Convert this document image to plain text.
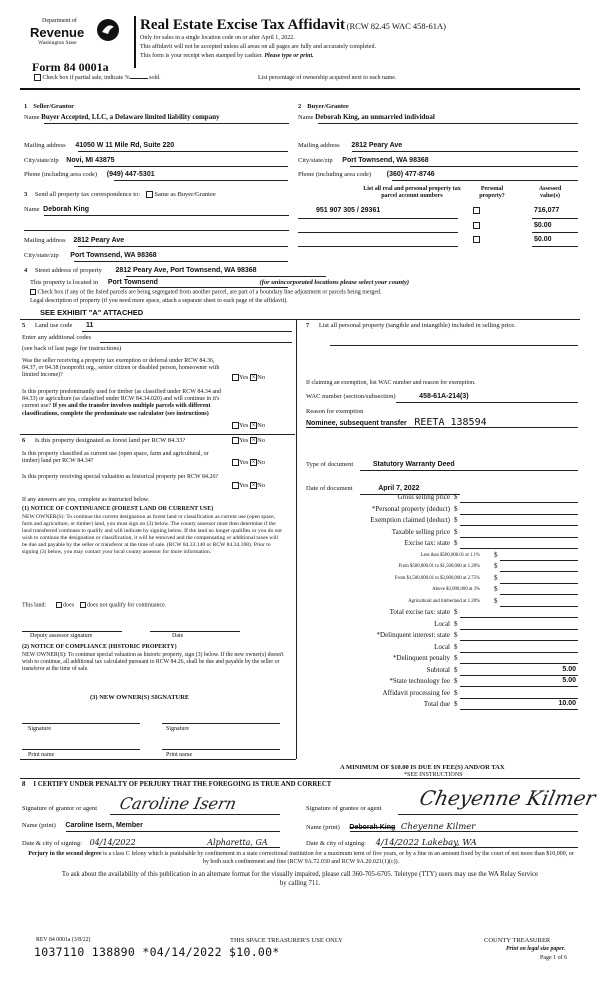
Department of
Revenue
Washington State
Form 84 0001a
Check box if partial sale, indicate %	sold.	List percentage of ownership acquired next to each name.
Real Estate Excise Tax Affidavit (RCW 82.45 WAC 458-61A)
Only for sales in a single location code on or after April 1, 2022.
This affidavit will not be accepted unless all areas on all pages are fully and accurately completed.
This form is your receipt when stamped by cashier. Please type or print.
1 Seller/Grantor
Name Buyer Accepted, LLC, a Delaware limited liability company
Mailing address 41050 W 11 Mile Rd, Suite 220
City/state/zip Novi, MI 43875
Phone (including area code) (949) 447-5301
2 Buyer/Grantee
Name Deborah King, an unmarried individual
Mailing address 2812 Peary Ave
City/state/zip Port Townsend, WA 98368
Phone (including area code) (360) 477-8746
3 Send all property tax correspondence to: Same as Buyer/Grantee
Name Deborah King
Mailing address 2812 Peary Ave
City/state/zip Port Townsend, WA 98368
List all real and personal property tax
parcel account numbers
Personal
property?
Assessed
value(s)
951 907 305 / 29361	716,077
$0.00
$0.00
4 Street address of property 2812 Peary Ave, Port Townsend, WA 98368
This property is located in Port Townsend	(for unincorporated locations please select your county)
Check box if any of the listed parcels are being segregated from another parcel, are part of a boundary line adjustment or parcels being merged.
Legal description of property (if you need more space, attach a separate sheet to each page of the affidavit).
SEE EXHIBIT "A" ATTACHED
5 Land use code 11
Enter any additional codes
(see back of last page for instructions)
Was the seller receiving a property tax exemption or deferral under RCW 84.36, 84.37, or 84.38 (nonprofit org., senior citizen or disabled person, homeowner with limited income)?	Yes × No
Is this property predominantly used for timber (as classified under RCW 84.34 and 84.33) or agriculture (as classified under RCW 84.34.020) and will continue in it's current use? If yes and the transfer involves multiple parcels with different classifications, complete the predominate use calculator (see instructions)
Yes × No
6 Is this property designated as forest land per RCW 84.33?	Yes × No
Is this property classified as current use (open space, farm and agricultural, or timber) land per RCW 84.34?	Yes × No
Is this property receiving special valuation as historical property per RCW 84.26?
Yes × No
If any answers are yes, complete as instructed below.
(1) NOTICE OF CONTINUANCE (FOREST LAND OR CURRENT USE)
NEW OWNER(S): To continue the current designation as forest land or classification as current use (open space, farm and agriculture, or timber) land, you must sign on (3) below. The county assessor must then determine if the land transferred continues to qualify and will indicate by signing below. If the land no longer qualifies or you do not wish to continue the designation or classification, it will be removed and the compensating or additional taxes will be due and payable by the seller or transferor at the time of sale. (RCW 84.33.140 or RCW 84.34.108). Prior to signing (3) below, you may contact your local county assessor for more information.
This land:	does does not qualify for continuance.
Deputy assessor signature	Date
(2) NOTICE OF COMPLIANCE (HISTORIC PROPERTY)
NEW OWNER(S): To continue special valuation as historic property, sign (3) below. If the new owner(s) doesn't wish to continue, all additional tax calculated pursuant to RCW 84.26, shall be due and payable by the seller or transferor at the time of sale.
(3) NEW OWNER(S) SIGNATURE
Signature	Signature
Print name	Print name
7 List all personal property (tangible and intangible) included in selling price.
If claiming an exemption, list WAC number and reason for exemption.
WAC number (section/subsection)	458-61A-214(3)
Reason for exemption
Nominee, subsequent transfer REETA 138594
Type of document	Statutory Warranty Deed
Date of document	April 7, 2022
Gross selling price $
*Personal property (deduct) $
Exemption claimed (deduct) $
Taxable selling price $
Excise tax: state $
Less than $500,000.01 at 1.1% $
From $500,000.01 to $1,500,000 at 1.28% $
From $1,500,000.01 to $3,000,000 at 2.75% $
Above $3,000,000 at 3% $
Agricultural and timberland at 1.28% $
Total excise tax: state $
Local $
*Delinquent interest: state $
Local $
*Delinquent penalty $
Subtotal $	5.00
*State technology fee $	5.00
Affidavit processing fee $
Total due $	10.00
A MINIMUM OF $10.00 IS DUE IN FEE(S) AND/OR TAX
*SEE INSTRUCTIONS
8 I CERTIFY UNDER PENALTY OF PERJURY THAT THE FOREGOING IS TRUE AND CORRECT
Signature of grantor or agent Caroline Isern	Signature of grantee or agent Cheyenne Kilmer
Name (print) Caroline Isern, Member	Name (print) Deborah King Cheyenne Kilmer
Date & city of signing: 04/14/2022	Alpharetta, GA	Date & city of signing: 4/14/2022 Lakebay, WA
Perjury in the second degree is a class C felony which is punishable by confinement in a state correctional institution for a maximum term of five years, or by a fine in an amount fixed by the court of not more than $10,000, or by both such confinement and fine (RCW 9A.72.030 and RCW 9A.20.021(1)(c)).
To ask about the availability of this publication in an alternate format for the visually impaired, please call 360-705-6705. Teletype (TTY) users may use the WA Relay Service by calling 711.
REV 84 0001a (3/8/22)	THIS SPACE TREASURER'S USE ONLY	COUNTY TREASURER
Print on legal size paper.
Page 1 of 6
1037110 138890 *04/14/2022 $10.00*
